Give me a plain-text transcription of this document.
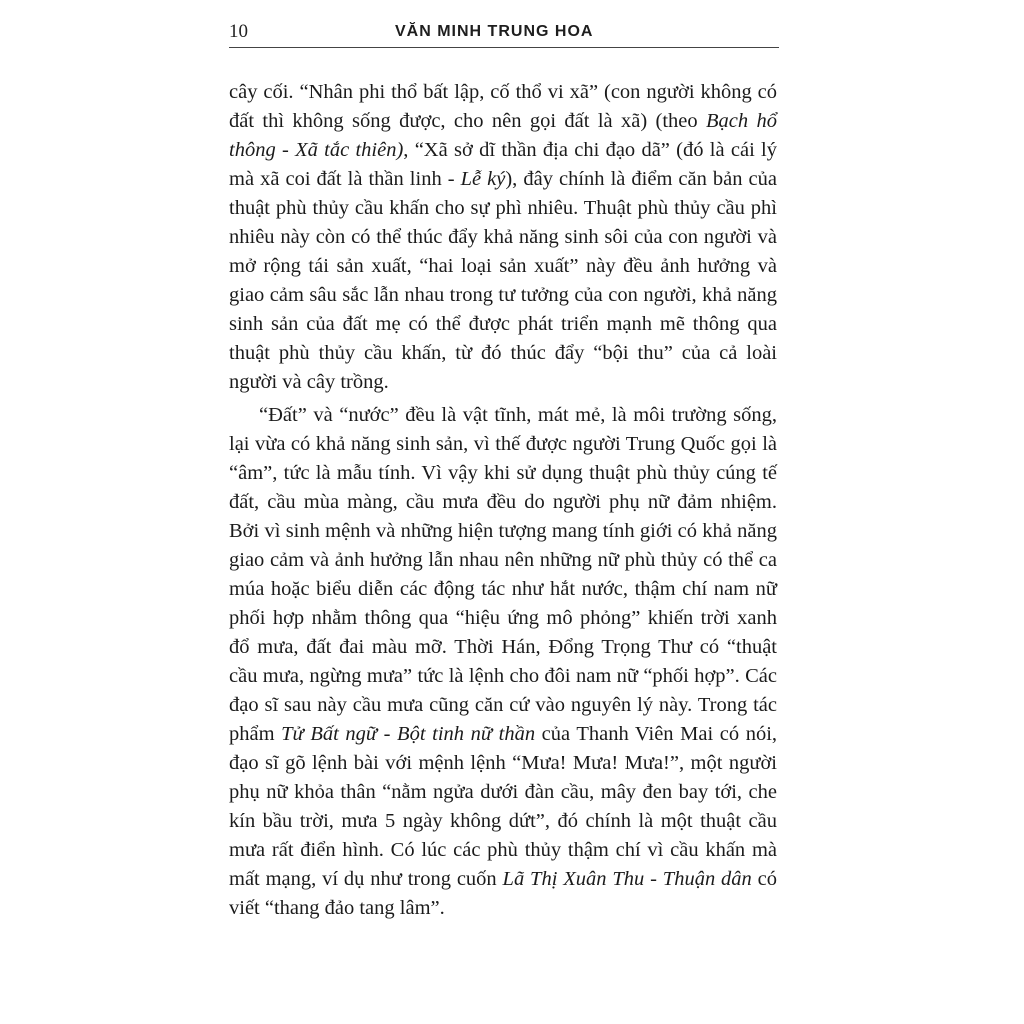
10	VĂN MINH TRUNG HOA

cây cối. “Nhân phi thổ bất lập, cố thổ vi xã” (con người không có đất thì không sống được, cho nên gọi đất là xã) (theo Bạch hổ thông - Xã tắc thiên), “Xã sở dĩ thần địa chi đạo dã” (đó là cái lý mà xã coi đất là thần linh - Lễ ký), đây chính là điểm căn bản của thuật phù thủy cầu khấn cho sự phì nhiêu. Thuật phù thủy cầu phì nhiêu này còn có thể thúc đẩy khả năng sinh sôi của con người và mở rộng tái sản xuất, “hai loại sản xuất” này đều ảnh hưởng và giao cảm sâu sắc lẫn nhau trong tư tưởng của con người, khả năng sinh sản của đất mẹ có thể được phát triển mạnh mẽ thông qua thuật phù thủy cầu khấn, từ đó thúc đẩy “bội thu” của cả loài người và cây trồng.

“Đất” và “nước” đều là vật tĩnh, mát mẻ, là môi trường sống, lại vừa có khả năng sinh sản, vì thế được người Trung Quốc gọi là “âm”, tức là mẫu tính. Vì vậy khi sử dụng thuật phù thủy cúng tế đất, cầu mùa màng, cầu mưa đều do người phụ nữ đảm nhiệm. Bởi vì sinh mệnh và những hiện tượng mang tính giới có khả năng giao cảm và ảnh hưởng lẫn nhau nên những nữ phù thủy có thể ca múa hoặc biểu diễn các động tác như hắt nước, thậm chí nam nữ phối hợp nhằm thông qua “hiệu ứng mô phỏng” khiến trời xanh đổ mưa, đất đai màu mỡ. Thời Hán, Đổng Trọng Thư có “thuật cầu mưa, ngừng mưa” tức là lệnh cho đôi nam nữ “phối hợp”. Các đạo sĩ sau này cầu mưa cũng căn cứ vào nguyên lý này. Trong tác phẩm Tử Bất ngữ - Bột tinh nữ thần của Thanh Viên Mai có nói, đạo sĩ gõ lệnh bài với mệnh lệnh “Mưa! Mưa! Mưa!”, một người phụ nữ khỏa thân “nằm ngửa dưới đàn cầu, mây đen bay tới, che kín bầu trời, mưa 5 ngày không dứt”, đó chính là một thuật cầu mưa rất điển hình. Có lúc các phù thủy thậm chí vì cầu khấn mà mất mạng, ví dụ như trong cuốn Lã Thị Xuân Thu - Thuận dân có viết “thang đảo tang lâm”.
